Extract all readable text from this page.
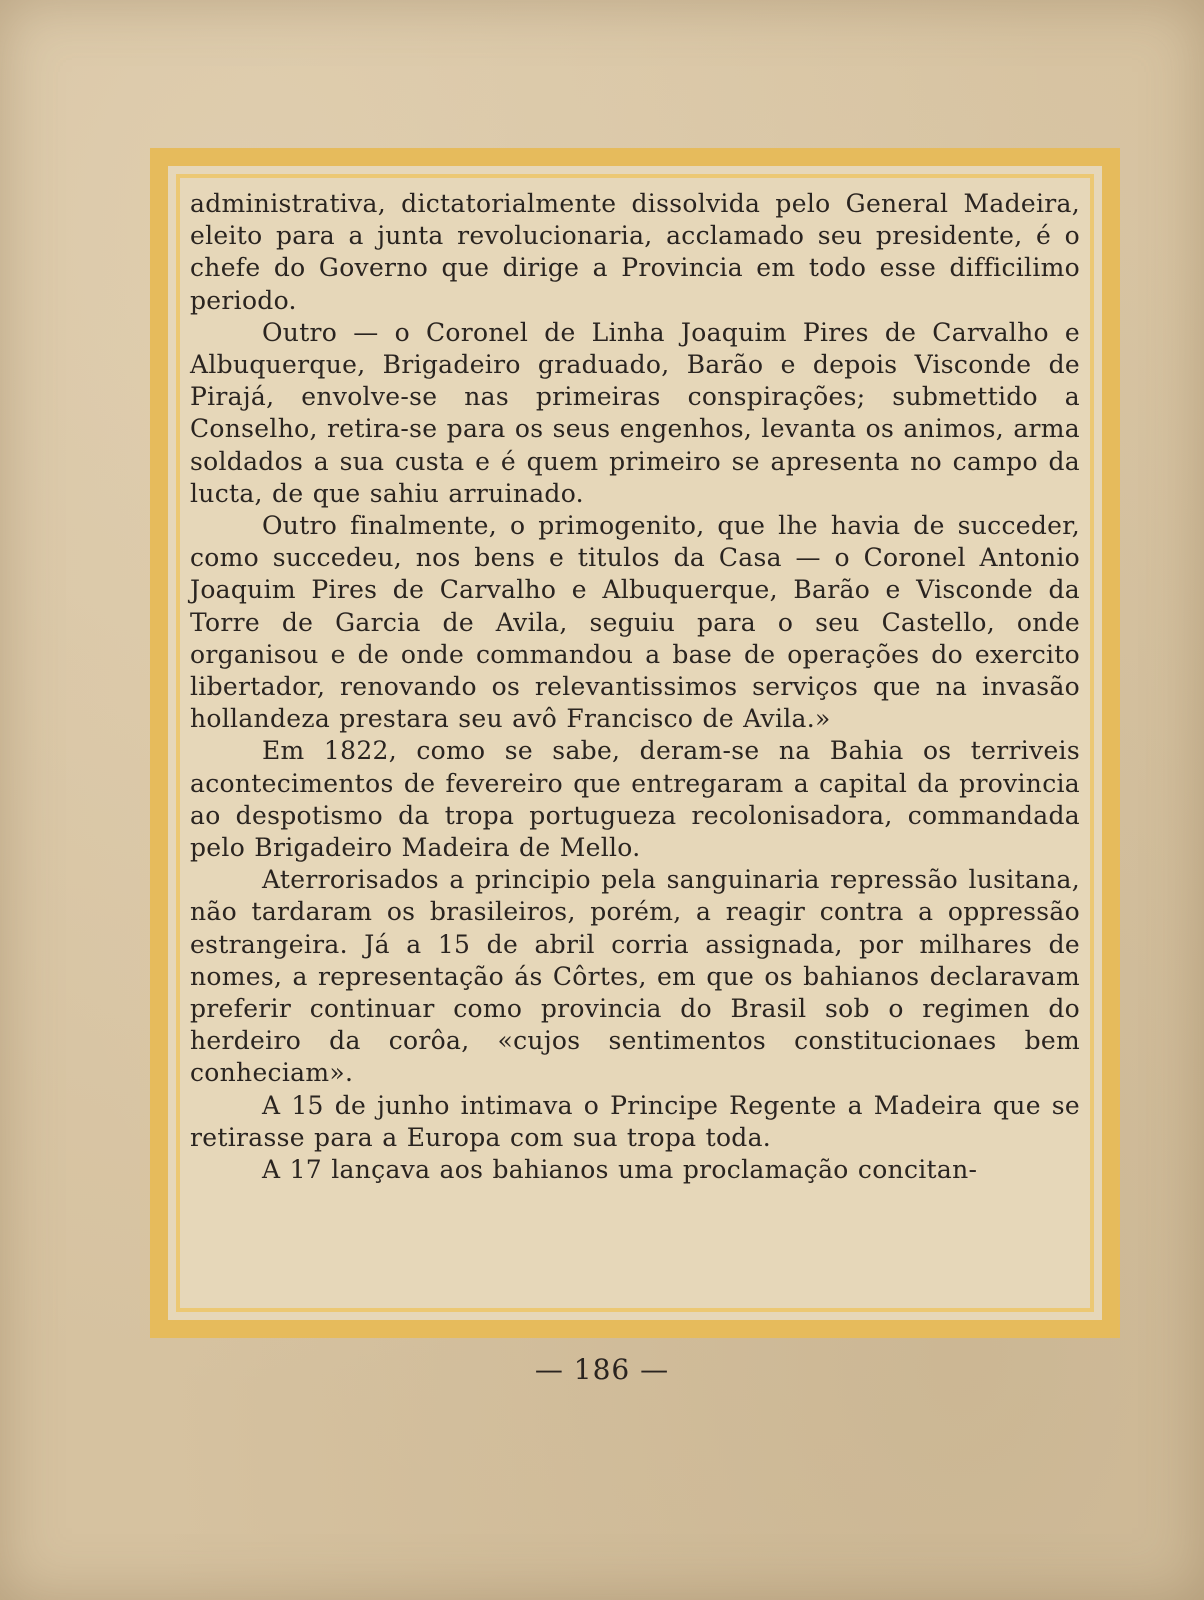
administrativa, dictatorialmente dissolvida pelo General Madeira, eleito para a junta revolucionaria, acclamado seu presidente, é o chefe do Governo que dirige a Provincia em todo esse difficilimo periodo.

Outro — o Coronel de Linha Joaquim Pires de Carvalho e Albuquerque, Brigadeiro graduado, Barão e depois Visconde de Pirajá, envolve-se nas primeiras conspirações; submettido a Conselho, retira-se para os seus engenhos, levanta os animos, arma soldados a sua custa e é quem primeiro se apresenta no campo da lucta, de que sahiu arruinado.

Outro finalmente, o primogenito, que lhe havia de succeder, como succedeu, nos bens e titulos da Casa — o Coronel Antonio Joaquim Pires de Carvalho e Albuquerque, Barão e Visconde da Torre de Garcia de Avila, seguiu para o seu Castello, onde organisou e de onde commandou a base de operações do exercito libertador, renovando os relevantissimos serviços que na invasão hollandeza prestara seu avô Francisco de Avila.»

Em 1822, como se sabe, deram-se na Bahia os terriveis acontecimentos de fevereiro que entregaram a capital da provincia ao despotismo da tropa portugueza recolonisadora, commandada pelo Brigadeiro Madeira de Mello.

Aterrorisados a principio pela sanguinaria repressão lusitana, não tardaram os brasileiros, porém, a reagir contra a oppressão estrangeira. Já a 15 de abril corria assignada, por milhares de nomes, a representação ás Côrtes, em que os bahianos declaravam preferir continuar como provincia do Brasil sob o regimen do herdeiro da corôa, «cujos sentimentos constitucionaes bem conheciam».

A 15 de junho intimava o Principe Regente a Madeira que se retirasse para a Europa com sua tropa toda.

A 17 lançava aos bahianos uma proclamação concitan-

— 186 —
